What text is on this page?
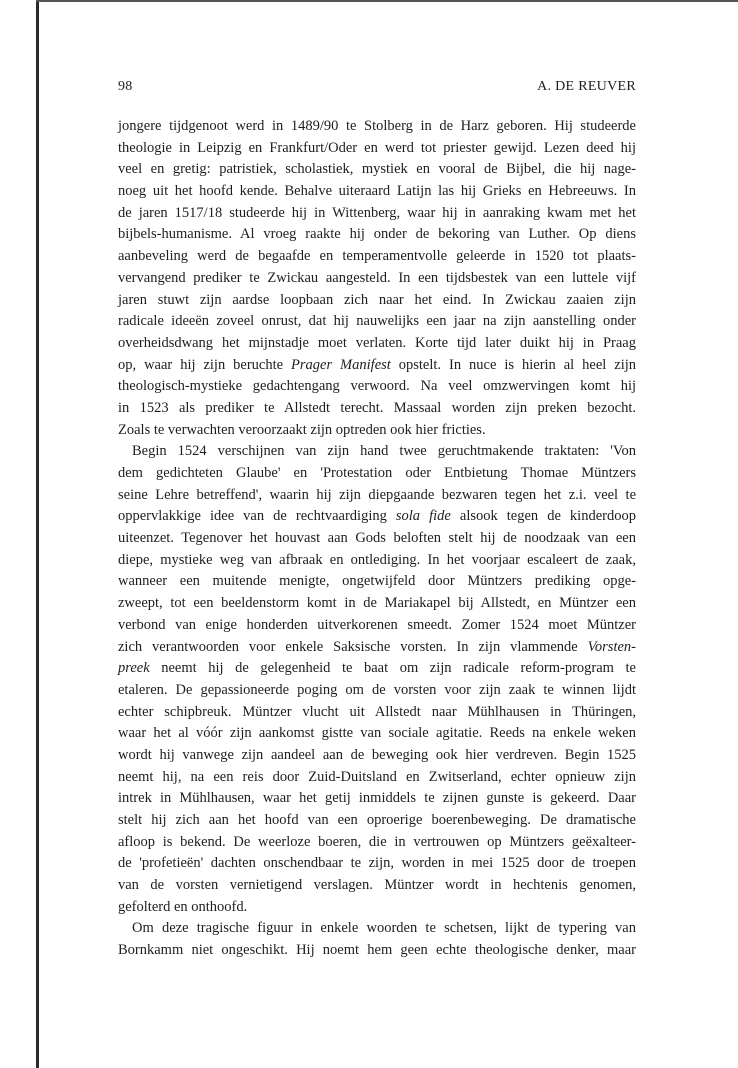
98	A. DE REUVER
jongere tijdgenoot werd in 1489/90 te Stolberg in de Harz geboren. Hij studeerde
theologie in Leipzig en Frankfurt/Oder en werd tot priester gewijd. Lezen deed hij
veel en gretig: patristiek, scholastiek, mystiek en vooral de Bijbel, die hij nage-
noeg uit het hoofd kende. Behalve uiteraard Latijn las hij Grieks en Hebreeuws. In
de jaren 1517/18 studeerde hij in Wittenberg, waar hij in aanraking kwam met het
bijbels-humanisme. Al vroeg raakte hij onder de bekoring van Luther. Op diens
aanbeveling werd de begaafde en temperamentvolle geleerde in 1520 tot plaats-
vervangend prediker te Zwickau aangesteld. In een tijdsbestek van een luttele vijf
jaren stuwt zijn aardse loopbaan zich naar het eind. In Zwickau zaaien zijn
radicale ideeën zoveel onrust, dat hij nauwelijks een jaar na zijn aanstelling onder
overheidsdwang het mijnstadje moet verlaten. Korte tijd later duikt hij in Praag
op, waar hij zijn beruchte Prager Manifest opstelt. In nuce is hierin al heel zijn
theologisch-mystieke gedachtengang verwoord. Na veel omzwervingen komt hij
in 1523 als prediker te Allstedt terecht. Massaal worden zijn preken bezocht.
Zoals te verwachten veroorzaakt zijn optreden ook hier fricties.
Begin 1524 verschijnen van zijn hand twee geruchtmakende traktaten: 'Von
dem gedichteten Glaube' en 'Protestation oder Entbietung Thomae Müntzers
seine Lehre betreffend', waarin hij zijn diepgaande bezwaren tegen het z.i. veel te
oppervlakkige idee van de rechtvaardiging sola fide alsook tegen de kinderdoop
uiteenzet. Tegenover het houvast aan Gods beloften stelt hij de noodzaak van een
diepe, mystieke weg van afbraak en ontlediging. In het voorjaar escaleert de zaak,
wanneer een muitende menigte, ongetwijfeld door Müntzers prediking opge-
zweept, tot een beeldenstorm komt in de Mariakapel bij Allstedt, en Müntzer een
verbond van enige honderden uitverkorenen smeedt. Zomer 1524 moet Müntzer
zich verantwoorden voor enkele Saksische vorsten. In zijn vlammende Vorsten-
preek neemt hij de gelegenheid te baat om zijn radicale reform-program te
etaleren. De gepassioneerde poging om de vorsten voor zijn zaak te winnen lijdt
echter schipbreuk. Müntzer vlucht uit Allstedt naar Mühlhausen in Thüringen,
waar het al vóór zijn aankomst gistte van sociale agitatie. Reeds na enkele weken
wordt hij vanwege zijn aandeel aan de beweging ook hier verdreven. Begin 1525
neemt hij, na een reis door Zuid-Duitsland en Zwitserland, echter opnieuw zijn
intrek in Mühlhausen, waar het getij inmiddels te zijnen gunste is gekeerd. Daar
stelt hij zich aan het hoofd van een oproerige boerenbeweging. De dramatische
afloop is bekend. De weerloze boeren, die in vertrouwen op Müntzers geëxalteer-
de 'profetieën' dachten onschendbaar te zijn, worden in mei 1525 door de troepen
van de vorsten vernietigend verslagen. Müntzer wordt in hechtenis genomen,
gefolterd en onthoofd.
Om deze tragische figuur in enkele woorden te schetsen, lijkt de typering van
Bornkamm niet ongeschikt. Hij noemt hem geen echte theologische denker, maar
